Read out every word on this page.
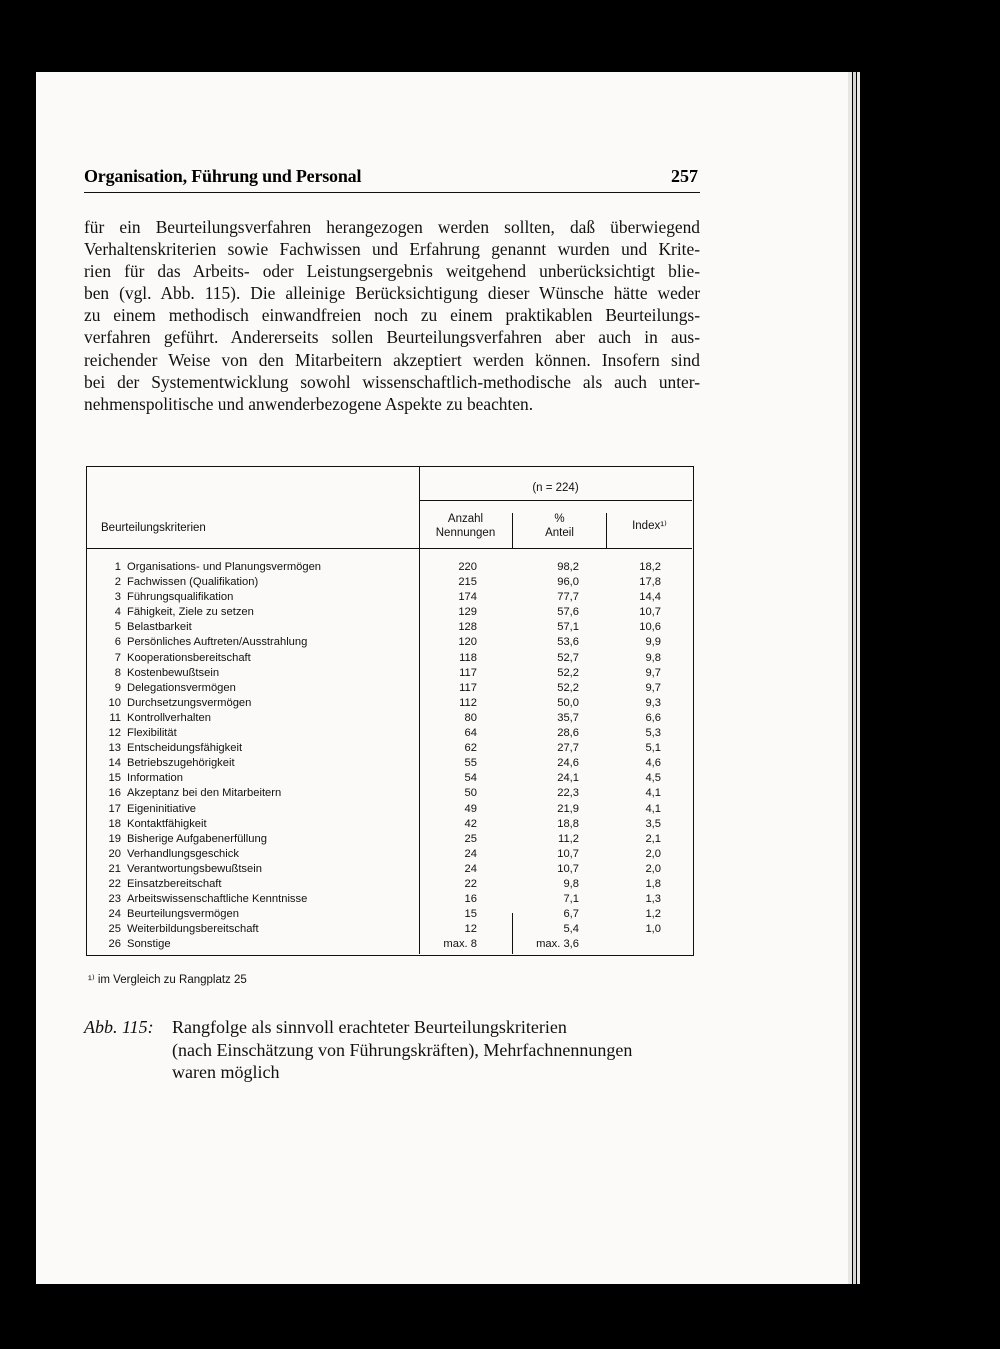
Organisation, Führung und Personal	257
für ein Beurteilungsverfahren herangezogen werden sollten, daß überwiegend
Verhaltenskriterien sowie Fachwissen und Erfahrung genannt wurden und Krite-
rien für das Arbeits- oder Leistungsergebnis weitgehend unberücksichtigt blie-
ben (vgl. Abb. 115). Die alleinige Berücksichtigung dieser Wünsche hätte weder
zu einem methodisch einwandfreien noch zu einem praktikablen Beurteilungs-
verfahren geführt. Andererseits sollen Beurteilungsverfahren aber auch in aus-
reichender Weise von den Mitarbeitern akzeptiert werden können. Insofern sind
bei der Systementwicklung sowohl wissenschaftlich-methodische als auch unter-
nehmenspolitische und anwenderbezogene Aspekte zu beachten.
(n = 224)
Beurteilungskriterien
Anzahl
Nennungen
%
Anteil
Index¹⁾
1 Organisations- und Planungsvermögen	220	98,2	18,2
2 Fachwissen (Qualifikation)	215	96,0	17,8
3 Führungsqualifikation	174	77,7	14,4
4 Fähigkeit, Ziele zu setzen	129	57,6	10,7
5 Belastbarkeit	128	57,1	10,6
6 Persönliches Auftreten/Ausstrahlung	120	53,6	9,9
7 Kooperationsbereitschaft	118	52,7	9,8
8 Kostenbewußtsein	117	52,2	9,7
9 Delegationsvermögen	117	52,2	9,7
10 Durchsetzungsvermögen	112	50,0	9,3
11 Kontrollverhalten	80	35,7	6,6
12 Flexibilität	64	28,6	5,3
13 Entscheidungsfähigkeit	62	27,7	5,1
14 Betriebszugehörigkeit	55	24,6	4,6
15 Information	54	24,1	4,5
16 Akzeptanz bei den Mitarbeitern	50	22,3	4,1
17 Eigeninitiative	49	21,9	4,1
18 Kontaktfähigkeit	42	18,8	3,5
19 Bisherige Aufgabenerfüllung	25	11,2	2,1
20 Verhandlungsgeschick	24	10,7	2,0
21 Verantwortungsbewußtsein	24	10,7	2,0
22 Einsatzbereitschaft	22	9,8	1,8
23 Arbeitswissenschaftliche Kenntnisse	16	7,1	1,3
24 Beurteilungsvermögen	15	6,7	1,2
25 Weiterbildungsbereitschaft	12	5,4	1,0
26 Sonstige	max. 8	max. 3,6
¹⁾ im Vergleich zu Rangplatz 25
Abb. 115: Rangfolge als sinnvoll erachteter Beurteilungskriterien
(nach Einschätzung von Führungskräften), Mehrfachnennungen
waren möglich
